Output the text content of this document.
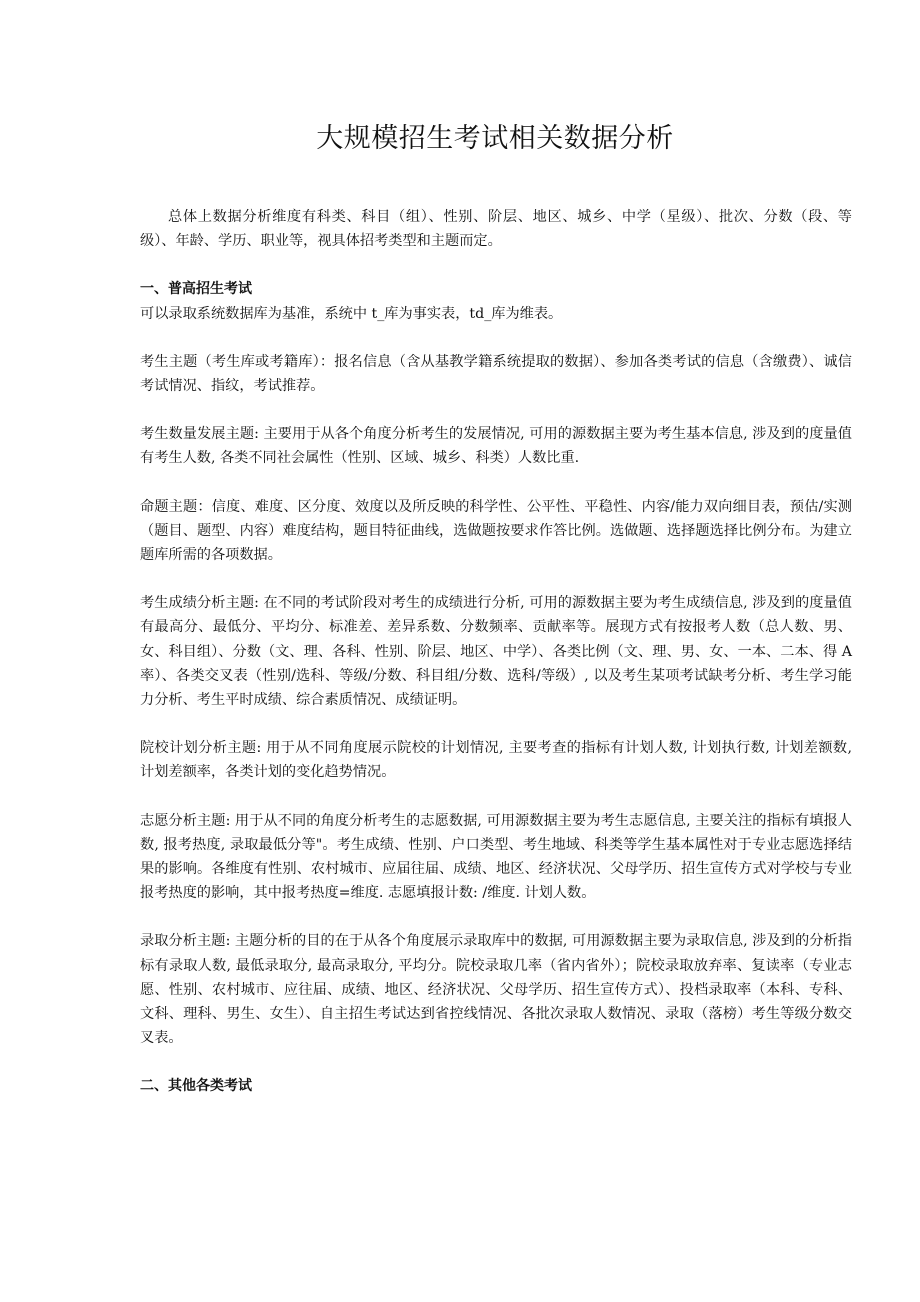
大规模招生考试相关数据分析

总体上数据分析维度有科类、科目（组）、性别、阶层、地区、城乡、中学（星级）、批次、分数（段、等级）、年龄、学历、职业等，视具体招考类型和主题而定。

一、普高招生考试

可以录取系统数据库为基准，系统中 t_库为事实表，td_库为维表。

考生主题（考生库或考籍库）：报名信息（含从基教学籍系统提取的数据）、参加各类考试的信息（含缴费）、诚信考试情况、指纹，考试推荐。

考生数量发展主题: 主要用于从各个角度分析考生的发展情况, 可用的源数据主要为考生基本信息, 涉及到的度量值有考生人数, 各类不同社会属性（性别、区域、城乡、科类）人数比重.

命题主题：信度、难度、区分度、效度以及所反映的科学性、公平性、平稳性、内容/能力双向细目表，预估/实测（题目、题型、内容）难度结构，题目特征曲线，选做题按要求作答比例。选做题、选择题选择比例分布。为建立题库所需的各项数据。

考生成绩分析主题: 在不同的考试阶段对考生的成绩进行分析, 可用的源数据主要为考生成绩信息, 涉及到的度量值有最高分、最低分、平均分、标准差、差异系数、分数频率、贡献率等。展现方式有按报考人数（总人数、男、女、科目组）、分数（文、理、各科、性别、阶层、地区、中学）、各类比例（文、理、男、女、一本、二本、得 A 率）、各类交叉表（性别/选科、等级/分数、科目组/分数、选科/等级）, 以及考生某项考试缺考分析、考生学习能力分析、考生平时成绩、综合素质情况、成绩证明。

院校计划分析主题: 用于从不同角度展示院校的计划情况, 主要考查的指标有计划人数, 计划执行数, 计划差额数, 计划差额率，各类计划的变化趋势情况。

志愿分析主题: 用于从不同的角度分析考生的志愿数据, 可用源数据主要为考生志愿信息, 主要关注的指标有填报人数, 报考热度, 录取最低分等"。考生成绩、性别、户口类型、考生地域、科类等学生基本属性对于专业志愿选择结果的影响。各维度有性别、农村城市、应届往届、成绩、地区、经济状况、父母学历、招生宣传方式对学校与专业报考热度的影响，其中报考热度=维度. 志愿填报计数: /维度. 计划人数。

录取分析主题: 主题分析的目的在于从各个角度展示录取库中的数据, 可用源数据主要为录取信息, 涉及到的分析指标有录取人数, 最低录取分, 最高录取分, 平均分。院校录取几率（省内省外）；院校录取放弃率、复读率（专业志愿、性别、农村城市、应往届、成绩、地区、经济状况、父母学历、招生宣传方式）、投档录取率（本科、专科、文科、理科、男生、女生）、自主招生考试达到省控线情况、各批次录取人数情况、录取（落榜）考生等级分数交叉表。

二、其他各类考试
